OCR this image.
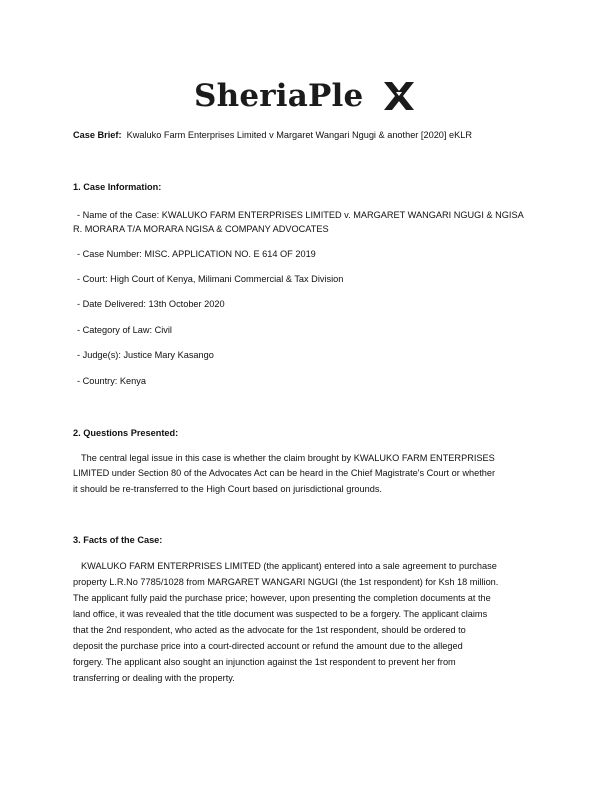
SheriaPle
Case Brief: Kwaluko Farm Enterprises Limited v Margaret Wangari Ngugi & another [2020] eKLR
1. Case Information:
- Name of the Case: KWALUKO FARM ENTERPRISES LIMITED v. MARGARET WANGARI NGUGI & NGISA
R. MORARA T/A MORARA NGISA & COMPANY ADVOCATES
- Case Number: MISC. APPLICATION NO. E 614 OF 2019
- Court: High Court of Kenya, Milimani Commercial & Tax Division
- Date Delivered: 13th October 2020
- Category of Law: Civil
- Judge(s): Justice Mary Kasango
- Country: Kenya
2. Questions Presented:
The central legal issue in this case is whether the claim brought by KWALUKO FARM ENTERPRISES
LIMITED under Section 80 of the Advocates Act can be heard in the Chief Magistrate's Court or whether
it should be re-transferred to the High Court based on jurisdictional grounds.
3. Facts of the Case:
KWALUKO FARM ENTERPRISES LIMITED (the applicant) entered into a sale agreement to purchase
property L.R.No 7785/1028 from MARGARET WANGARI NGUGI (the 1st respondent) for Ksh 18 million.
The applicant fully paid the purchase price; however, upon presenting the completion documents at the
land office, it was revealed that the title document was suspected to be a forgery. The applicant claims
that the 2nd respondent, who acted as the advocate for the 1st respondent, should be ordered to
deposit the purchase price into a court-directed account or refund the amount due to the alleged
forgery. The applicant also sought an injunction against the 1st respondent to prevent her from
transferring or dealing with the property.
